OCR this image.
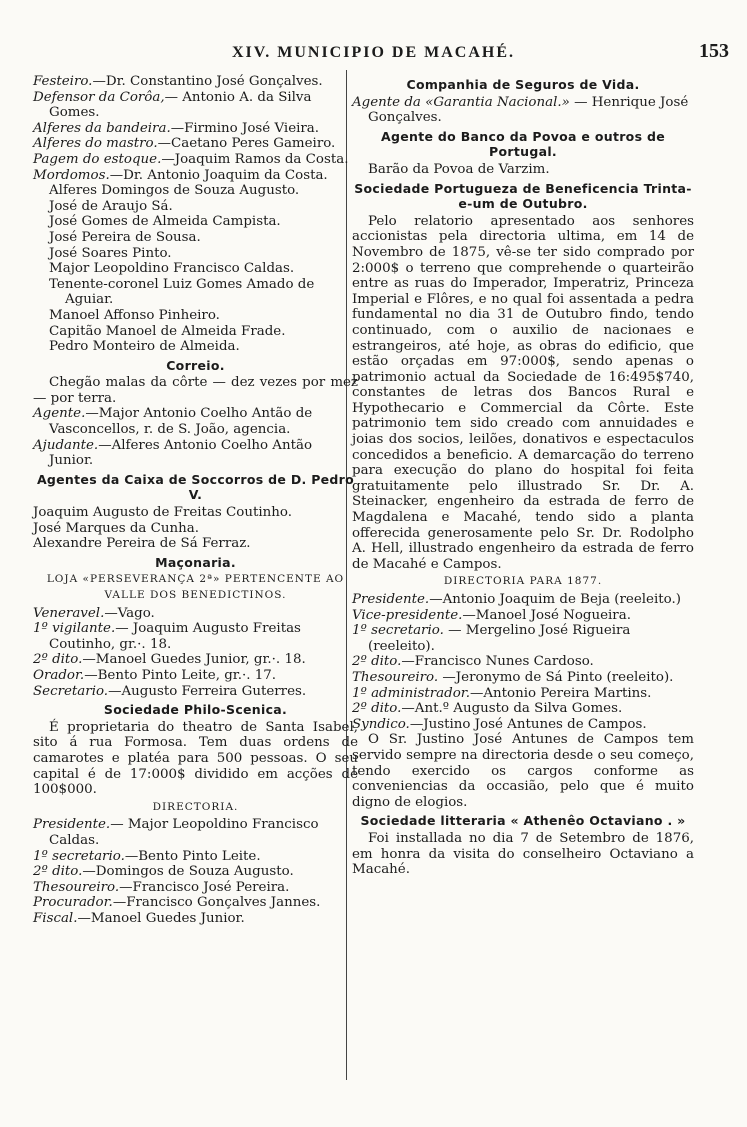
XIV. MUNICIPIO DE MACAHÉ.	153
Festeiro.—Dr. Constantino José Gonçalves.
Defensor da Corôa,— Antonio A. da Silva Gomes.
Alferes da bandeira.—Firmino José Vieira.
Alferes do mastro.—Caetano Peres Gameiro.
Pagem do estoque.—Joaquim Ramos da Costa.
Mordomos.—Dr. Antonio Joaquim da Costa.
Alferes Domingos de Souza Augusto.
José de Araujo Sá.
José Gomes de Almeida Campista.
José Pereira de Sousa.
José Soares Pinto.
Major Leopoldino Francisco Caldas.
Tenente-coronel Luiz Gomes Amado de Aguiar.
Manoel Affonso Pinheiro.
Capitão Manoel de Almeida Frade.
Pedro Monteiro de Almeida.
Correio.
Chegão malas da côrte — dez vezes por mez — por terra.
Agente.—Major Antonio Coelho Antão de Vasconcellos, r. de S. João, agencia.
Ajudante.—Alferes Antonio Coelho Antão Junior.
Agentes da Caixa de Soccorros de D. Pedro V.
Joaquim Augusto de Freitas Coutinho.
José Marques da Cunha.
Alexandre Pereira de Sá Ferraz.
Maçonaria.
LOJA «PERSEVERANÇA 2ª» PERTENCENTE AO VALLE DOS BENEDICTINOS.
Veneravel.—Vago.
1º vigilante.— Joaquim Augusto Freitas Coutinho, gr.·. 18.
2º dito.—Manoel Guedes Junior, gr.·. 18.
Orador.—Bento Pinto Leite, gr.·. 17.
Secretario.—Augusto Ferreira Guterres.
Sociedade Philo-Scenica.
É proprietaria do theatro de Santa Isabel, sito á rua Formosa. Tem duas ordens de camarotes e platéa para 500 pessoas. O seu capital é de 17:000$ dividido em acções de 100$000.
DIRECTORIA.
Presidente.— Major Leopoldino Francisco Caldas.
1º secretario.—Bento Pinto Leite.
2º dito.—Domingos de Souza Augusto.
Thesoureiro.—Francisco José Pereira.
Procurador.—Francisco Gonçalves Jannes.
Fiscal.—Manoel Guedes Junior.
Companhia de Seguros de Vida.
Agente da «Garantia Nacional.» — Henrique José Gonçalves.
Agente do Banco da Povoa e outros de Portugal.
Barão da Povoa de Varzim.
Sociedade Portugueza de Beneficencia Trinta-e-um de Outubro.
Pelo relatorio apresentado aos senhores accionistas pela directoria ultima, em 14 de Novembro de 1875, vê-se ter sido comprado por 2:000$ o terreno que comprehende o quarteirão entre as ruas do Imperador, Imperatriz, Princeza Imperial e Flôres, e no qual foi assentada a pedra fundamental no dia 31 de Outubro findo, tendo continuado, com o auxilio de nacionaes e estrangeiros, até hoje, as obras do edificio, que estão orçadas em 97:000$, sendo apenas o patrimonio actual da Sociedade de 16:495$740, constantes de letras dos Bancos Rural e Hypothecario e Commercial da Côrte. Este patrimonio tem sido creado com annuidades e joias dos socios, leilões, donativos e espectaculos concedidos a beneficio. A demarcação do terreno para execução do plano do hospital foi feita gratuitamente pelo illustrado Sr. Dr. A. Steinacker, engenheiro da estrada de ferro de Magdalena e Macahé, tendo sido a planta offerecida generosamente pelo Sr. Dr. Rodolpho A. Hell, illustrado engenheiro da estrada de ferro de Macahé e Campos.
DIRECTORIA PARA 1877.
Presidente.—Antonio Joaquim de Beja (reeleito.)
Vice-presidente.—Manoel José Nogueira.
1º secretario. — Mergelino José Rigueira (reeleito).
2º dito.—Francisco Nunes Cardoso.
Thesoureiro. —Jeronymo de Sá Pinto (reeleito).
1º administrador.—Antonio Pereira Martins.
2º dito.—Ant.º Augusto da Silva Gomes.
Syndico.—Justino José Antunes de Campos.
O Sr. Justino José Antunes de Campos tem servido sempre na directoria desde o seu começo, tendo exercido os cargos conforme as conveniencias da occasião, pelo que é muito digno de elogios.
Sociedade litteraria « Athenêo Octaviano . »
Foi installada no dia 7 de Setembro de 1876, em honra da visita do conselheiro Octaviano a Macahé.
